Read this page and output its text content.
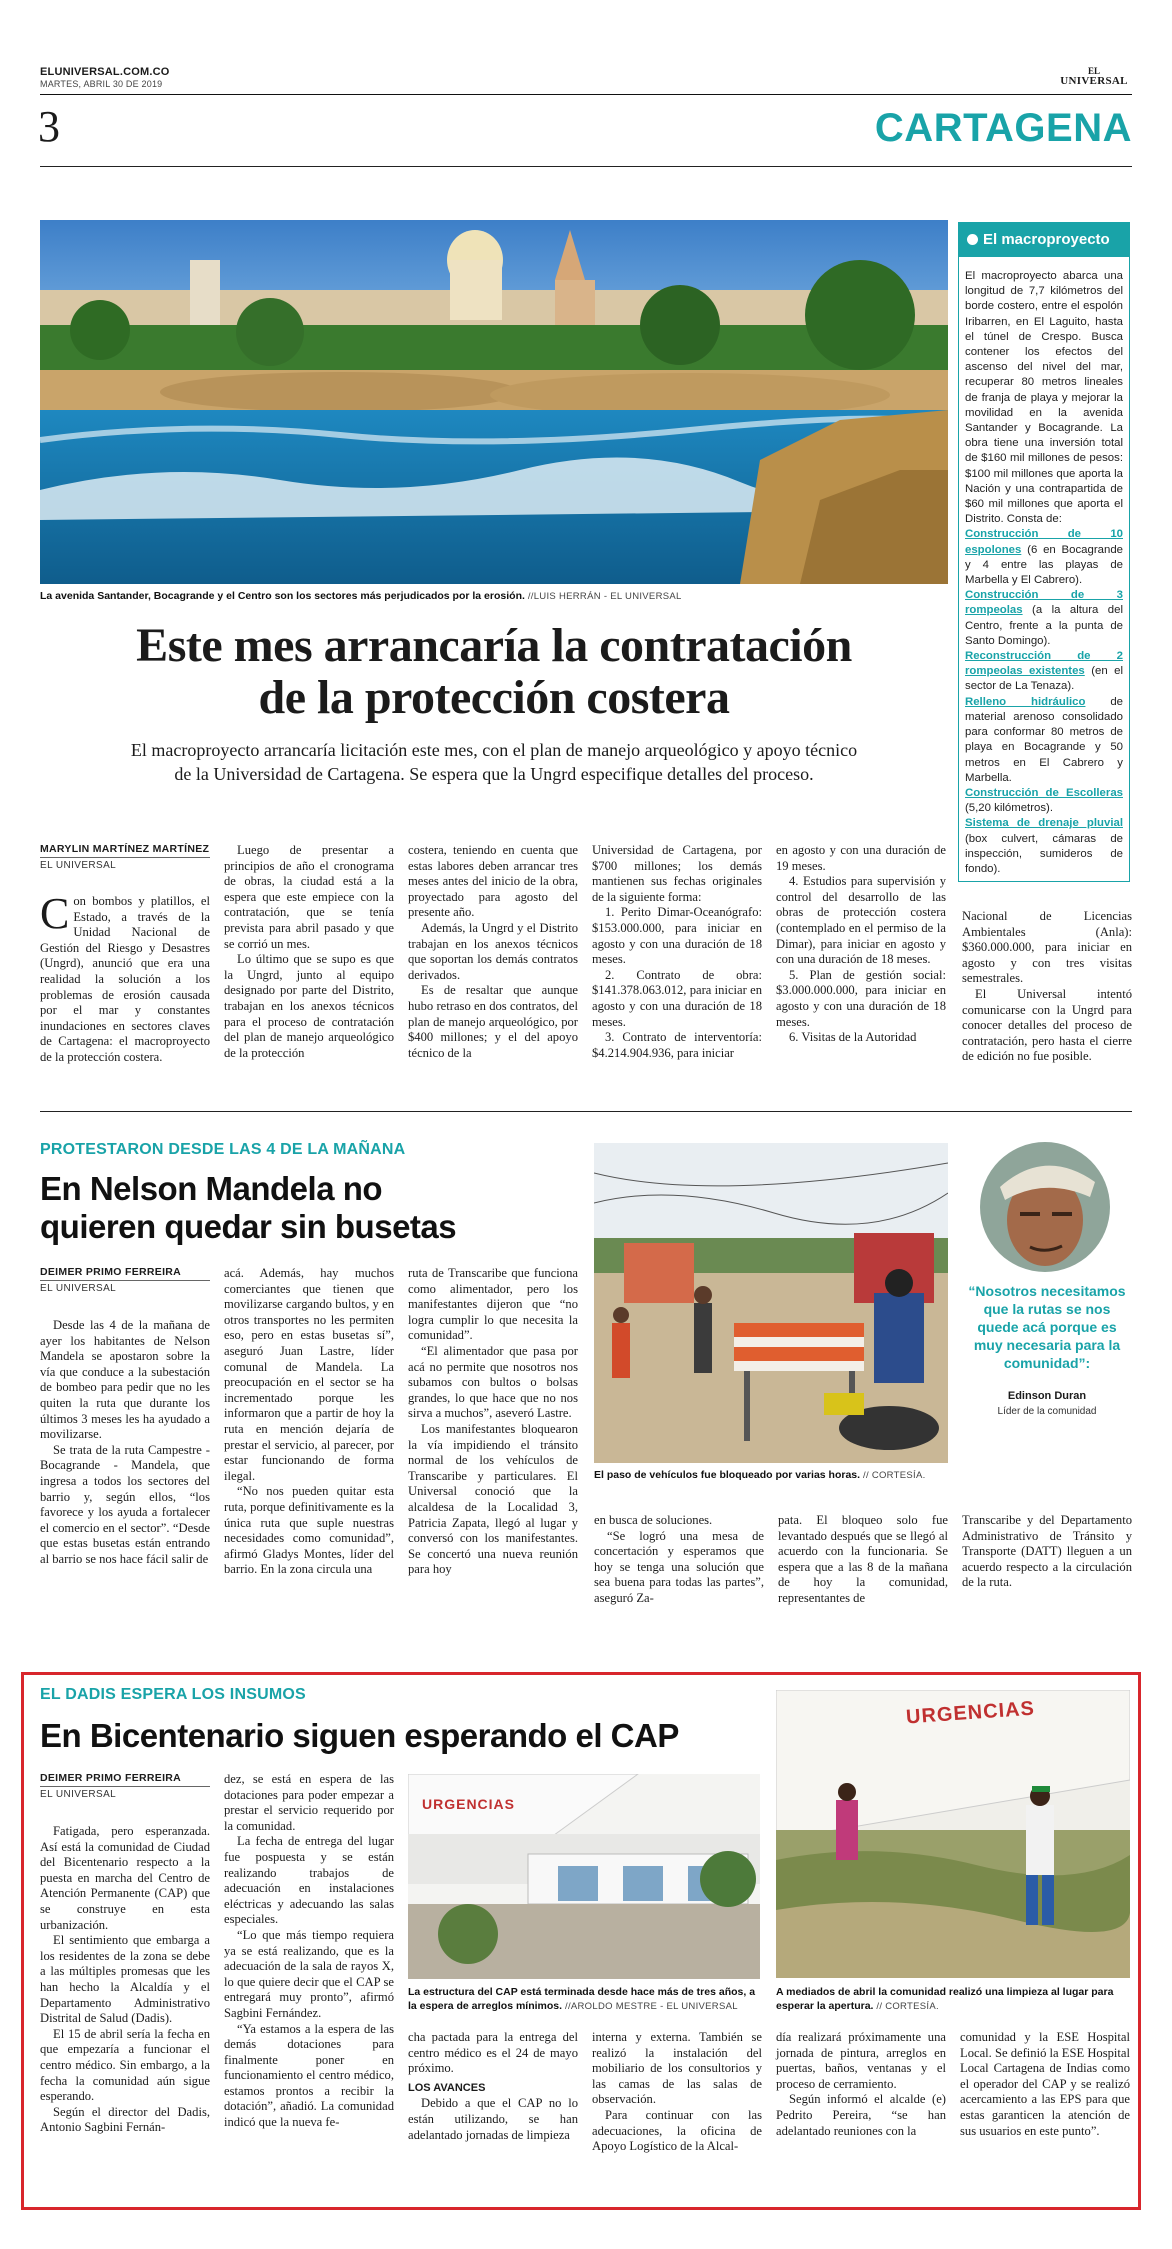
ELUNIVERSAL.COM.CO
MARTES, ABRIL 30 DE 2019
EL
UNIVERSAL
3	CARTAGENA
La avenida Santander, Bocagrande y el Centro son los sectores más perjudicados por la erosión. //LUIS HERRÁN - EL UNIVERSAL
Este mes arrancaría la contratación
de la protección costera
El macroproyecto arrancaría licitación este mes, con el plan de manejo arqueológico y apoyo técnico
de la Universidad de Cartagena. Se espera que la Ungrd especifique detalles del proceso.
MARYLIN MARTÍNEZ MARTÍNEZ
EL UNIVERSAL

Con bombos y platillos, el Estado, a través de la Unidad Nacional de Gestión del Riesgo y Desastres (Ungrd), anunció que era una realidad la solución a los problemas de erosión causada por el mar y constantes inundaciones en sectores claves de Cartagena: el macroproyecto de la protección costera.

Luego de presentar a principios de año el cronograma de obras, la ciudad está a la espera que este empiece con la contratación, que se tenía prevista para abril pasado y que se corrió un mes.

Lo último que se supo es que la Ungrd, junto al equipo designado por parte del Distrito, trabajan en los anexos técnicos para el proceso de contratación del plan de manejo arqueológico de la protección

costera, teniendo en cuenta que estas labores deben arrancar tres meses antes del inicio de la obra, proyectado para agosto del presente año.

Además, la Ungrd y el Distrito trabajan en los anexos técnicos que soportan los demás contratos derivados.

Es de resaltar que aunque hubo retraso en dos contratos, del plan de manejo arqueológico, por $400 millones; y el del apoyo técnico de la

Universidad de Cartagena, por $700 millones; los demás mantienen sus fechas originales de la siguiente forma:

1. Perito Dimar-Oceanógrafo: $153.000.000, para iniciar en agosto y con una duración de 18 meses.

2. Contrato de obra: $141.378.063.012, para iniciar en agosto y con una duración de 18 meses.

3. Contrato de interventoría: $4.214.904.936, para iniciar

en agosto y con una duración de 19 meses.

4. Estudios para supervisión y control del desarrollo de las obras de protección costera (contemplado en el permiso de la Dimar), para iniciar en agosto y con una duración de 18 meses.

5. Plan de gestión social: $3.000.000.000, para iniciar en agosto y con una duración de 18 meses.

6. Visitas de la Autoridad

Nacional de Licencias Ambientales (Anla): $360.000.000, para iniciar en agosto y con tres visitas semestrales.

El Universal intentó comunicarse con la Ungrd para conocer detalles del proceso de contratación, pero hasta el cierre de edición no fue posible.

El macroproyecto
El macroproyecto abarca una longitud de 7,7 kilómetros del borde costero, entre el espolón Iribarren, en El Laguito, hasta el túnel de Crespo. Busca contener los efectos del ascenso del nivel del mar, recuperar 80 metros lineales de franja de playa y mejorar la movilidad en la avenida Santander y Bocagrande. La obra tiene una inversión total de $160 mil millones de pesos: $100 mil millones que aporta la Nación y una contrapartida de $60 mil millones que aporta el Distrito. Consta de:
Construcción de 10 espolones (6 en Bocagrande y 4 entre las playas de Marbella y El Cabrero).
Construcción de 3 rompeolas (a la altura del Centro, frente a la punta de Santo Domingo).
Reconstrucción de 2 rompeolas existentes (en el sector de La Tenaza).
Relleno hidráulico de material arenoso consolidado para conformar 80 metros de playa en Bocagrande y 50 metros en El Cabrero y Marbella.
Construcción de Escolleras (5,20 kilómetros).
Sistema de drenaje pluvial (box culvert, cámaras de inspección, sumideros de fondo).
PROTESTARON DESDE LAS 4 DE LA MAÑANA
En Nelson Mandela no
quieren quedar sin busetas
DEIMER PRIMO FERREIRA
EL UNIVERSAL

Desde las 4 de la mañana de ayer los habitantes de Nelson Mandela se apostaron sobre la vía que conduce a la subestación de bombeo para pedir que no les quiten la ruta que durante los últimos 3 meses les ha ayudado a movilizarse.

Se trata de la ruta Campestre - Bocagrande - Mandela, que ingresa a todos los sectores del barrio y, según ellos, “los favorece y los ayuda a fortalecer el comercio en el sector”. “Desde que estas busetas están entrando al barrio se nos hace fácil salir de

acá. Además, hay muchos comerciantes que tienen que movilizarse cargando bultos, y en otros transportes no les permiten eso, pero en estas busetas sí”, aseguró Juan Lastre, líder comunal de Mandela. La preocupación en el sector se ha incrementado porque les informaron que a partir de hoy la ruta en mención dejaría de prestar el servicio, al parecer, por estar funcionando de forma ilegal.

“No nos pueden quitar esta ruta, porque definitivamente es la única ruta que suple nuestras necesidades como comunidad”, afirmó Gladys Montes, líder del barrio. En la zona circula una

ruta de Transcaribe que funciona como alimentador, pero los manifestantes dijeron que “no logra cumplir lo que necesita la comunidad”.

“El alimentador que pasa por acá no permite que nosotros nos subamos con bultos o bolsas grandes, lo que hace que no nos sirva a muchos”, aseveró Lastre.

Los manifestantes bloquearon la vía impidiendo el tránsito normal de los vehículos de Transcaribe y particulares. El Universal conoció que la alcaldesa de la Localidad 3, Patricia Zapata, llegó al lugar y conversó con los manifestantes. Se concertó una nueva reunión para hoy

El paso de vehículos fue bloqueado por varias horas. // CORTESÍA.

en busca de soluciones.

“Se logró una mesa de concertación y esperamos que hoy se tenga una solución que sea buena para todas las partes”, aseguró Za-

pata. El bloqueo solo fue levantado después que se llegó al acuerdo con la funcionaria. Se espera que a las 8 de la mañana de hoy la comunidad, representantes de

Transcaribe y del Departamento Administrativo de Tránsito y Transporte (DATT) lleguen a un acuerdo respecto a la circulación de la ruta.

“Nosotros necesitamos que la rutas se nos quede acá porque es muy necesaria para la comunidad”:
Edinson Duran
Líder de la comunidad
EL DADIS ESPERA LOS INSUMOS
En Bicentenario siguen esperando el CAP
DEIMER PRIMO FERREIRA
EL UNIVERSAL

Fatigada, pero esperanzada. Así está la comunidad de Ciudad del Bicentenario respecto a la puesta en marcha del Centro de Atención Permanente (CAP) que se construye en esta urbanización.

El sentimiento que embarga a los residentes de la zona se debe a las múltiples promesas que les han hecho la Alcaldía y el Departamento Administrativo Distrital de Salud (Dadis).

El 15 de abril sería la fecha en que empezaría a funcionar el centro médico. Sin embargo, a la fecha la comunidad aún sigue esperando.

Según el director del Dadis, Antonio Sagbini Fernán-

dez, se está en espera de las dotaciones para poder empezar a prestar el servicio requerido por la comunidad.

La fecha de entrega del lugar fue pospuesta y se están realizando trabajos de adecuación en instalaciones eléctricas y adecuando las salas especiales.

“Lo que más tiempo requiera ya se está realizando, que es la adecuación de la sala de rayos X, lo que quiere decir que el CAP se entregará muy pronto”, afirmó Sagbini Fernández.

“Ya estamos a la espera de las demás dotaciones para finalmente poner en funcionamiento el centro médico, estamos prontos a recibir la dotación”, añadió. La comunidad indicó que la nueva fe-

URGENCIAS
La estructura del CAP está terminada desde hace más de tres años, a la espera de arreglos mínimos. //AROLDO MESTRE - EL UNIVERSAL

cha pactada para la entrega del centro médico es el 24 de mayo próximo.

LOS AVANCES

Debido a que el CAP no lo están utilizando, se han adelantado jornadas de limpieza

interna y externa. También se realizó la instalación del mobiliario de los consultorios y las camas de las salas de observación.

Para continuar con las adecuaciones, la oficina de Apoyo Logístico de la Alcal-

URGENCIAS
A mediados de abril la comunidad realizó una limpieza al lugar para esperar la apertura. // CORTESÍA.

día realizará próximamente una jornada de pintura, arreglos en puertas, baños, ventanas y el proceso de cerramiento.

Según informó el alcalde (e) Pedrito Pereira, “se han adelantado reuniones con la

comunidad y la ESE Hospital Local. Se definió la ESE Hospital Local Cartagena de Indias como el operador del CAP y se realizó acercamiento a las EPS para que estas garanticen la atención de sus usuarios en este punto”.
